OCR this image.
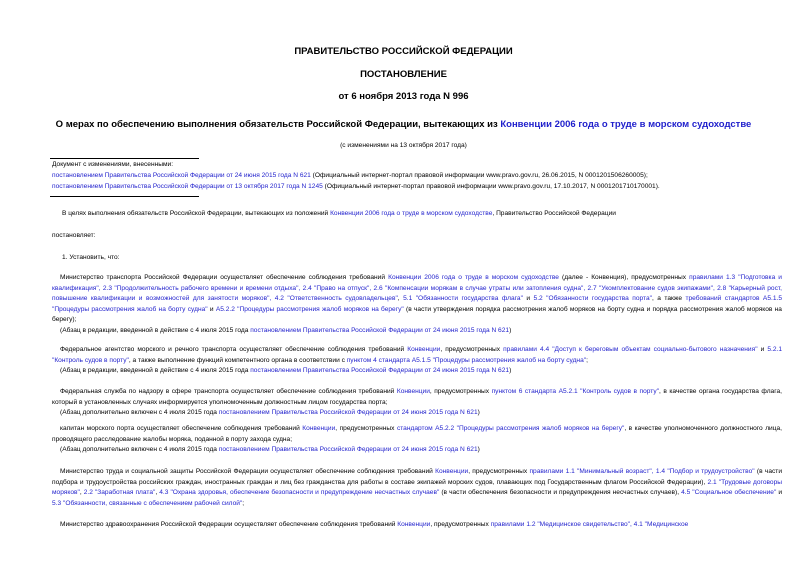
ПРАВИТЕЛЬСТВО РОССИЙСКОЙ ФЕДЕРАЦИИ
ПОСТАНОВЛЕНИЕ
от 6 ноября 2013 года N 996
О мерах по обеспечению выполнения обязательств Российской Федерации, вытекающих из Конвенции 2006 года о труде в морском судоходстве
(с изменениями на 13 октября 2017 года)
Документ с изменениями, внесенными:
постановлением Правительства Российской Федерации от 24 июня 2015 года N 621 (Официальный интернет-портал правовой информации www.pravo.gov.ru, 26.06.2015, N 0001201506260005);
постановлением Правительства Российской Федерации от 13 октября 2017 года N 1245 (Официальный интернет-портал правовой информации www.pravo.gov.ru, 17.10.2017, N 0001201710170001).
В целях выполнения обязательств Российской Федерации, вытекающих из положений Конвенции 2006 года о труде в морском судоходстве, Правительство Российской Федерации
постановляет:
1. Установить, что:

Министерство транспорта Российской Федерации осуществляет обеспечение соблюдения требований Конвенции 2006 года о труде в морском судоходстве (далее - Конвенция), предусмотренных правилами 1.3 "Подготовка и квалификация", 2.3 "Продолжительность рабочего времени и времени отдыха", 2.4 "Право на отпуск", 2.6 "Компенсации морякам в случае утраты или затопления судна", 2.7 "Укомплектование судов экипажами", 2.8 "Карьерный рост, повышение квалификации и возможностей для занятости моряков", 4.2 "Ответственность судовладельцев", 5.1 "Обязанности государства флага" и 5.2 "Обязанности государства порта", а также требований стандартов A5.1.5 "Процедуры рассмотрения жалоб на борту судна" и A5.2.2 "Процедуры рассмотрения жалоб моряков на берегу" (в части утверждения порядка рассмотрения жалоб моряков на борту судна и порядка рассмотрения жалоб моряков на берегу);

(Абзац в редакции, введенной в действие с 4 июля 2015 года постановлением Правительства Российской Федерации от 24 июня 2015 года N 621)

Федеральное агентство морского и речного транспорта осуществляет обеспечение соблюдения требований Конвенции, предусмотренных правилами 4.4 "Доступ к береговым объектам социально-бытового назначения" и 5.2.1 "Контроль судов в порту", а также выполнение функций компетентного органа в соответствии с пунктом 4 стандарта A5.1.5 "Процедуры рассмотрения жалоб на борту судна";

(Абзац в редакции, введенной в действие с 4 июля 2015 года постановлением Правительства Российской Федерации от 24 июня 2015 года N 621)

Федеральная служба по надзору в сфере транспорта осуществляет обеспечение соблюдения требований Конвенции, предусмотренных пунктом 6 стандарта A5.2.1 "Контроль судов в порту", в качестве органа государства флага, который в установленных случаях информируется уполномоченным должностным лицом государства порта;

(Абзац дополнительно включен с 4 июля 2015 года постановлением Правительства Российской Федерации от 24 июня 2015 года N 621)

капитан морского порта осуществляет обеспечение соблюдения требований Конвенции, предусмотренных стандартом A5.2.2 "Процедуры рассмотрения жалоб моряков на берегу", в качестве уполномоченного должностного лица, проводящего расследование жалобы моряка, поданной в порту захода судна;

(Абзац дополнительно включен с 4 июля 2015 года постановлением Правительства Российской Федерации от 24 июня 2015 года N 621)

Министерство труда и социальной защиты Российской Федерации осуществляет обеспечение соблюдения требований Конвенции, предусмотренных правилами 1.1 "Минимальный возраст", 1.4 "Подбор и трудоустройство" (в части подбора и трудоустройства российских граждан, иностранных граждан и лиц без гражданства для работы в составе экипажей морских судов, плавающих под Государственным флагом Российской Федерации), 2.1 "Трудовые договоры моряков", 2.2 "Заработная плата", 4.3 "Охрана здоровья, обеспечение безопасности и предупреждение несчастных случаев" (в части обеспечения безопасности и предупреждения несчастных случаев), 4.5 "Социальное обеспечение" и 5.3 "Обязанности, связанные с обеспечением рабочей силой";

Министерство здравоохранения Российской Федерации осуществляет обеспечение соблюдения требований Конвенции, предусмотренных правилами 1.2 "Медицинское свидетельство", 4.1 "Медицинское
